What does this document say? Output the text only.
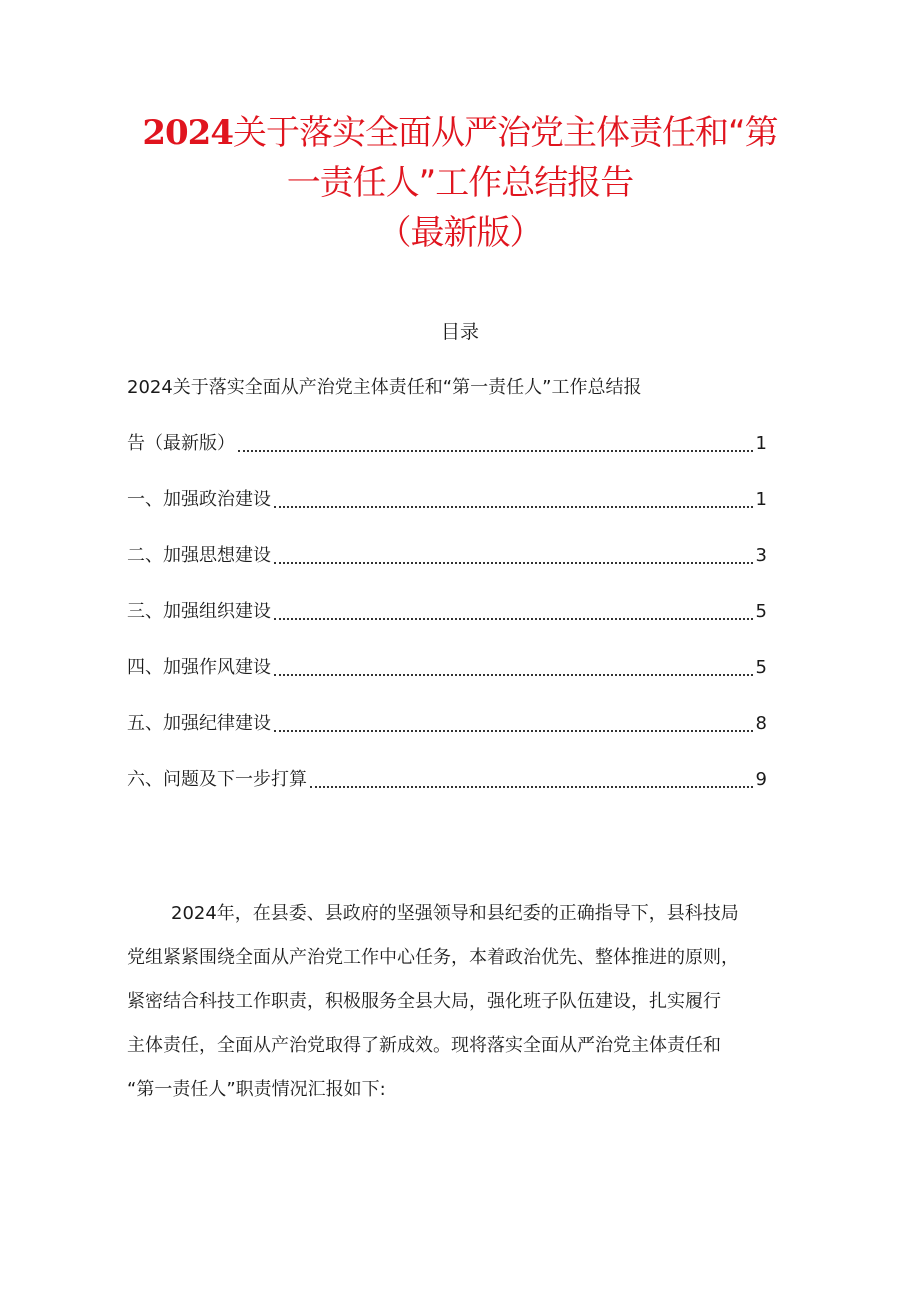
2024关于落实全面从严治党主体责任和“第
一责任人”工作总结报告
（最新版）
目录
2024关于落实全面从产治党主体责任和“第一责任人”工作总结报
告（最新版）	1
一、加强政治建设	1
二、加强思想建设	3
三、加强组织建设	5
四、加强作风建设	5
五、加强纪律建设	8
六、问题及下一步打算	9
2024年，在县委、县政府的坚强领导和县纪委的正确指导下，县科技局
党组紧紧围绕全面从产治党工作中心任务，本着政治优先、整体推进的原则，
紧密结合科技工作职责，积极服务全县大局，强化班子队伍建设，扎实履行
主体责任，全面从产治党取得了新成效。现将落实全面从严治党主体责任和
“第一责任人”职责情况汇报如下:
